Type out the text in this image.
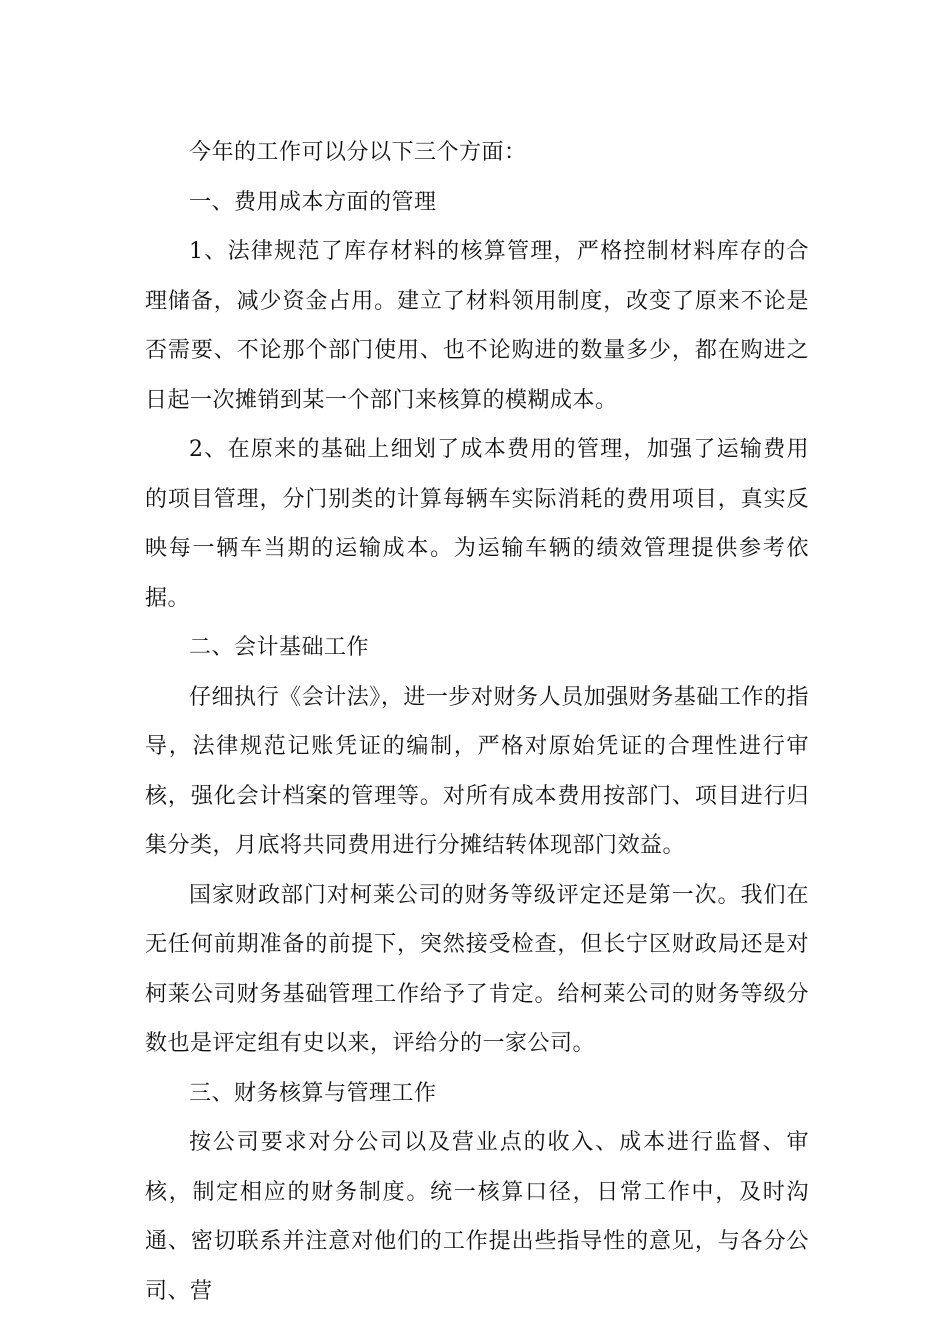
今年的工作可以分以下三个方面：

一、费用成本方面的管理

1、法律规范了库存材料的核算管理，严格控制材料库存的合理储备，减少资金占用。建立了材料领用制度，改变了原来不论是否需要、不论那个部门使用、也不论购进的数量多少，都在购进之日起一次摊销到某一个部门来核算的模糊成本。

2、在原来的基础上细划了成本费用的管理，加强了运输费用的项目管理，分门别类的计算每辆车实际消耗的费用项目，真实反映每一辆车当期的运输成本。为运输车辆的绩效管理提供参考依据。

二、会计基础工作

仔细执行《会计法》，进一步对财务人员加强财务基础工作的指导，法律规范记账凭证的编制，严格对原始凭证的合理性进行审核，强化会计档案的管理等。对所有成本费用按部门、项目进行归集分类，月底将共同费用进行分摊结转体现部门效益。

国家财政部门对柯莱公司的财务等级评定还是第一次。我们在无任何前期准备的前提下，突然接受检查，但长宁区财政局还是对柯莱公司财务基础管理工作给予了肯定。给柯莱公司的财务等级分数也是评定组有史以来，评给分的一家公司。

三、财务核算与管理工作

按公司要求对分公司以及营业点的收入、成本进行监督、审核，制定相应的财务制度。统一核算口径，日常工作中，及时沟通、密切联系并注意对他们的工作提出些指导性的意见，与各分公司、营
